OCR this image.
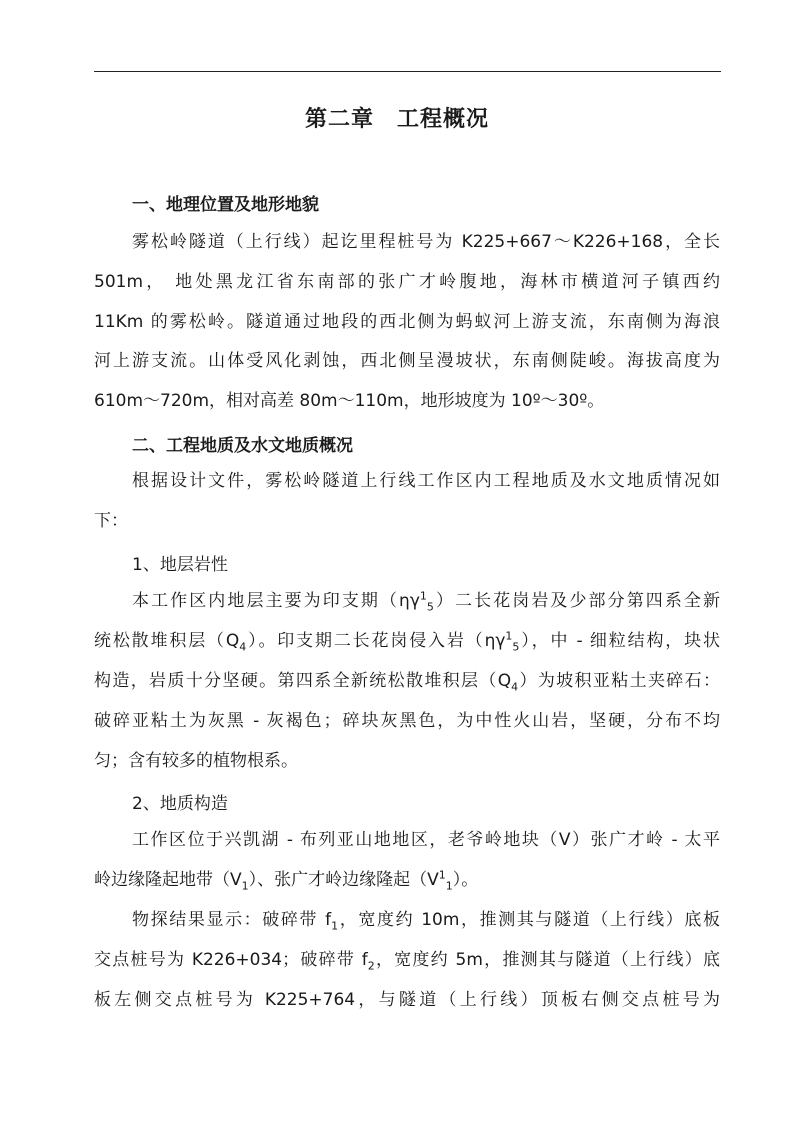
第二章　工程概况
一、地理位置及地形地貌
雾松岭隧道（上行线）起讫里程桩号为 K225+667～K226+168，全长
501m， 地处黑龙江省东南部的张广才岭腹地，海林市横道河子镇西约
11Km 的雾松岭。隧道通过地段的西北侧为蚂蚁河上游支流，东南侧为海浪
河上游支流。山体受风化剥蚀，西北侧呈漫坡状，东南侧陡峻。海拔高度为
610m～720m，相对高差 80m～110m，地形坡度为 10º～30º。
二、工程地质及水文地质概况
根据设计文件，雾松岭隧道上行线工作区内工程地质及水文地质情况如
下：
1、地层岩性
本工作区内地层主要为印支期$(\eta\gamma^1_5)$二长花岗岩及少部分第四系全新
统松散堆积层$(Q_4)$。印支期二长花岗侵入岩$(\eta\gamma^1_5)$，中 - 细粒结构，块状
构造，岩质十分坚硬。第四系全新统松散堆积层$(Q_4)$为坡积亚粘土夹碎石：
破碎亚粘土为灰黑 - 灰褐色；碎块灰黑色，为中性火山岩，坚硬，分布不均
匀；含有较多的植物根系。
2、地质构造
工作区位于兴凯湖 - 布列亚山地地区，老爷岭地块（Ⅴ）张广才岭 - 太平
岭边缘隆起地带$(Ⅴ_1)$、张广才岭边缘隆起（Ⅴ$^1_1$）。
物探结果显示：破碎带 $f_1$，宽度约 10m，推测其与隧道（上行线）底板
交点桩号为 K226+034；破碎带 $f_2$，宽度约 5m，推测其与隧道（上行线）底
板左侧交点桩号为 K225+764，与隧道（上行线）顶板右侧交点桩号为
